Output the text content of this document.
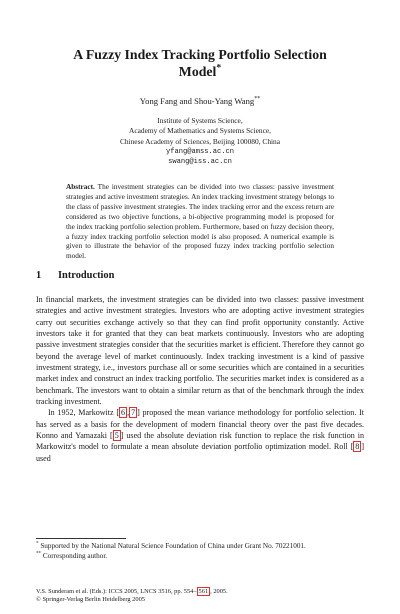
A Fuzzy Index Tracking Portfolio Selection
Model*
Yong Fang and Shou-Yang Wang**
Institute of Systems Science,
Academy of Mathematics and Systems Science,
Chinese Academy of Sciences, Beijing 100080, China
yfang@amss.ac.cn
swang@iss.ac.cn

Abstract. The investment strategies can be divided into two classes: passive investment strategies and active investment strategies. An index tracking investment strategy belongs to the class of passive investment strategies. The index tracking error and the excess return are considered as two objective functions, a bi-objective programming model is proposed for the index tracking portfolio selection problem. Furthermore, based on fuzzy decision theory, a fuzzy index tracking portfolio selection model is also proposed. A numerical example is given to illustrate the behavior of the proposed fuzzy index tracking portfolio selection model.

1 Introduction

In financial markets, the investment strategies can be divided into two classes: passive investment strategies and active investment strategies. Investors who are adopting active investment strategies carry out securities exchange actively so that they can find profit opportunity constantly. Active investors take it for granted that they can beat markets continuously. Investors who are adopting passive investment strategies consider that the securities market is efficient. Therefore they cannot go beyond the average level of market continuously. Index tracking investment is a kind of passive investment strategy, i.e., investors purchase all or some securities which are contained in a securities market index and construct an index tracking portfolio. The securities market index is considered as a benchmark. The investors want to obtain a similar return as that of the benchmark through the index tracking investment.

In 1952, Markowitz [ 6 , 7 ] proposed the mean variance methodology for portfolio selection. It has served as a basis for the development of modern financial theory over the past five decades. Konno and Yamazaki [ 5 ] used the absolute deviation risk function to replace the risk function in Markowitz's model to formulate a mean absolute deviation portfolio optimization model. Roll [ 8 ] used

* Supported by the National Natural Science Foundation of China under Grant No. 70221001.

** Corresponding author.

V.S. Sunderam et al. (Eds.): ICCS 2005, LNCS 3516, pp. 554– 561 , 2005.
© Springer-Verlag Berlin Heidelberg 2005
